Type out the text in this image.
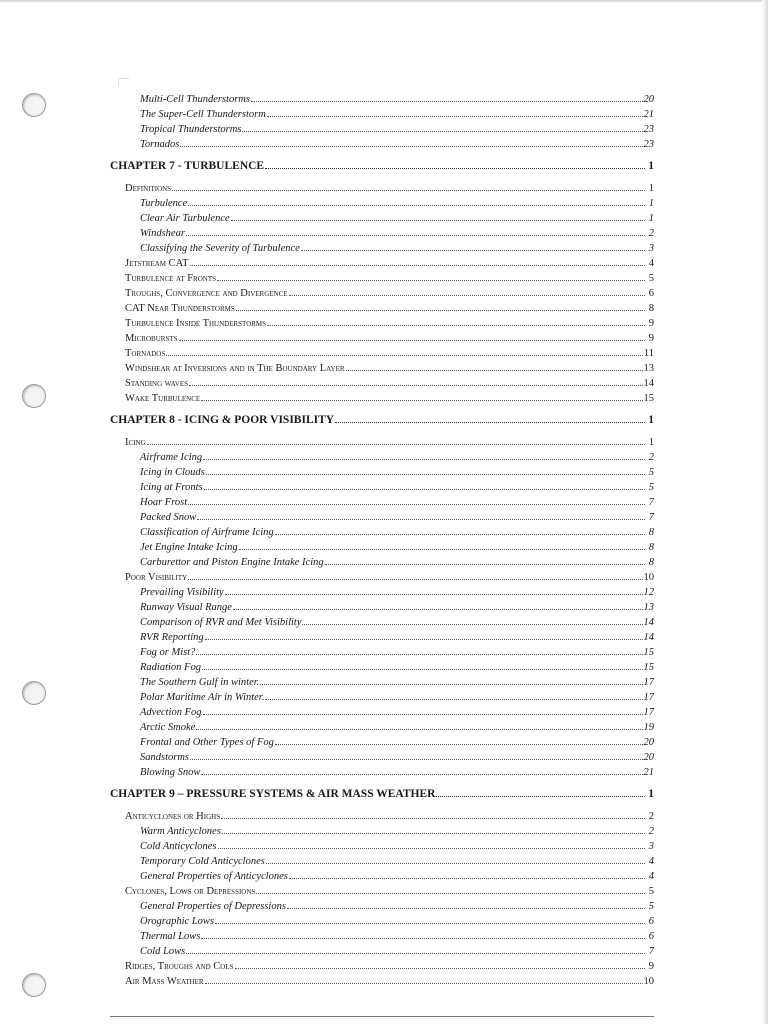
Multi-Cell Thunderstorms	20
The Super-Cell Thunderstorm	21
Tropical Thunderstorms	23
Tornados	23
CHAPTER 7 - TURBULENCE	1
Definitions	1
Turbulence	1
Clear Air Turbulence	1
Windshear	2
Classifying the Severity of Turbulence	3
Jetstream CAT	4
Turbulence at Fronts	5
Troughs, Convergence and Divergence	6
CAT Near Thunderstorms	8
Turbulence Inside Thunderstorms	9
Microbursts	9
Tornados	11
Windshear at Inversions and in The Boundary Layer	13
Standing waves	14
Wake Turbulence	15
CHAPTER 8 - ICING & POOR VISIBILITY	1
Icing	1
Airframe Icing	2
Icing in Clouds	5
Icing at Fronts	5
Hoar Frost	7
Packed Snow	7
Classification of Airframe Icing	8
Jet Engine Intake Icing	8
Carburettor and Piston Engine Intake Icing	8
Poor Visibility	10
Prevailing Visibility	12
Runway Visual Range	13
Comparison of RVR and Met Visibility	14
RVR Reporting	14
Fog or Mist?	15
Radiation Fog	15
The Southern Gulf in winter.	17
Polar Maritime Air in Winter.	17
Advection Fog	17
Arctic Smoke	19
Frontal and Other Types of Fog	20
Sandstorms	20
Blowing Snow	21
CHAPTER 9 – PRESSURE SYSTEMS & AIR MASS WEATHER	1
Anticyclones or Highs	2
Warm Anticyclones	2
Cold Anticyclones	3
Temporary Cold Anticyclones	4
General Properties of Anticyclones	4
Cyclones, Lows or Depressions	5
General Properties of Depressions	5
Orographic Lows	6
Thermal Lows	6
Cold Lows	7
Ridges, Troughs and Cols	9
Air Mass Weather	10
